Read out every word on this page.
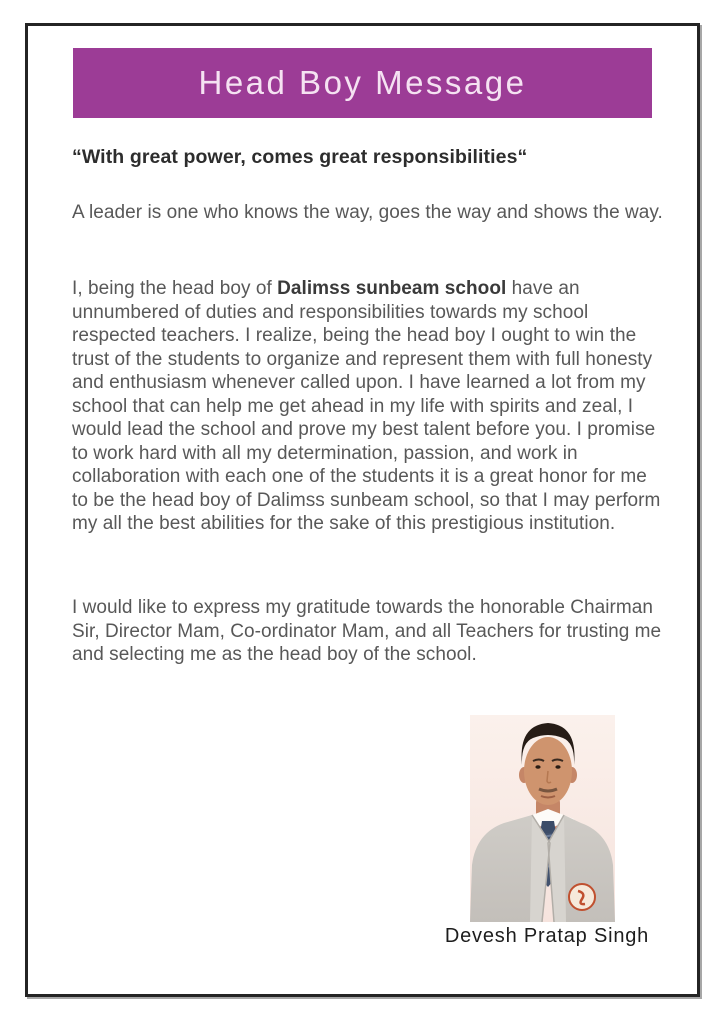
Head Boy Message

“With great power, comes great responsibilities“

A leader is one who knows the way, goes the way and shows the way.

I, being the head boy of Dalimss sunbeam school have an unnumbered of duties and responsibilities towards my school respected teachers. I realize, being the head boy I ought to win the trust of the students to organize and represent them with full honesty and enthusiasm whenever called upon. I have learned a lot from my school that can help me get ahead in my life with spirits and zeal, I would lead the school and prove my best talent before you. I promise to work hard with all my determination, passion, and work in collaboration with each one of the students it is a great honor for me to be the head boy of Dalimss sunbeam school, so that I may perform my all the best abilities for the sake of this prestigious institution.

I would like to express my gratitude towards the honorable Chairman Sir, Director Mam, Co-ordinator Mam, and all Teachers for trusting me and selecting me as the head boy of the school.

Devesh Pratap Singh
